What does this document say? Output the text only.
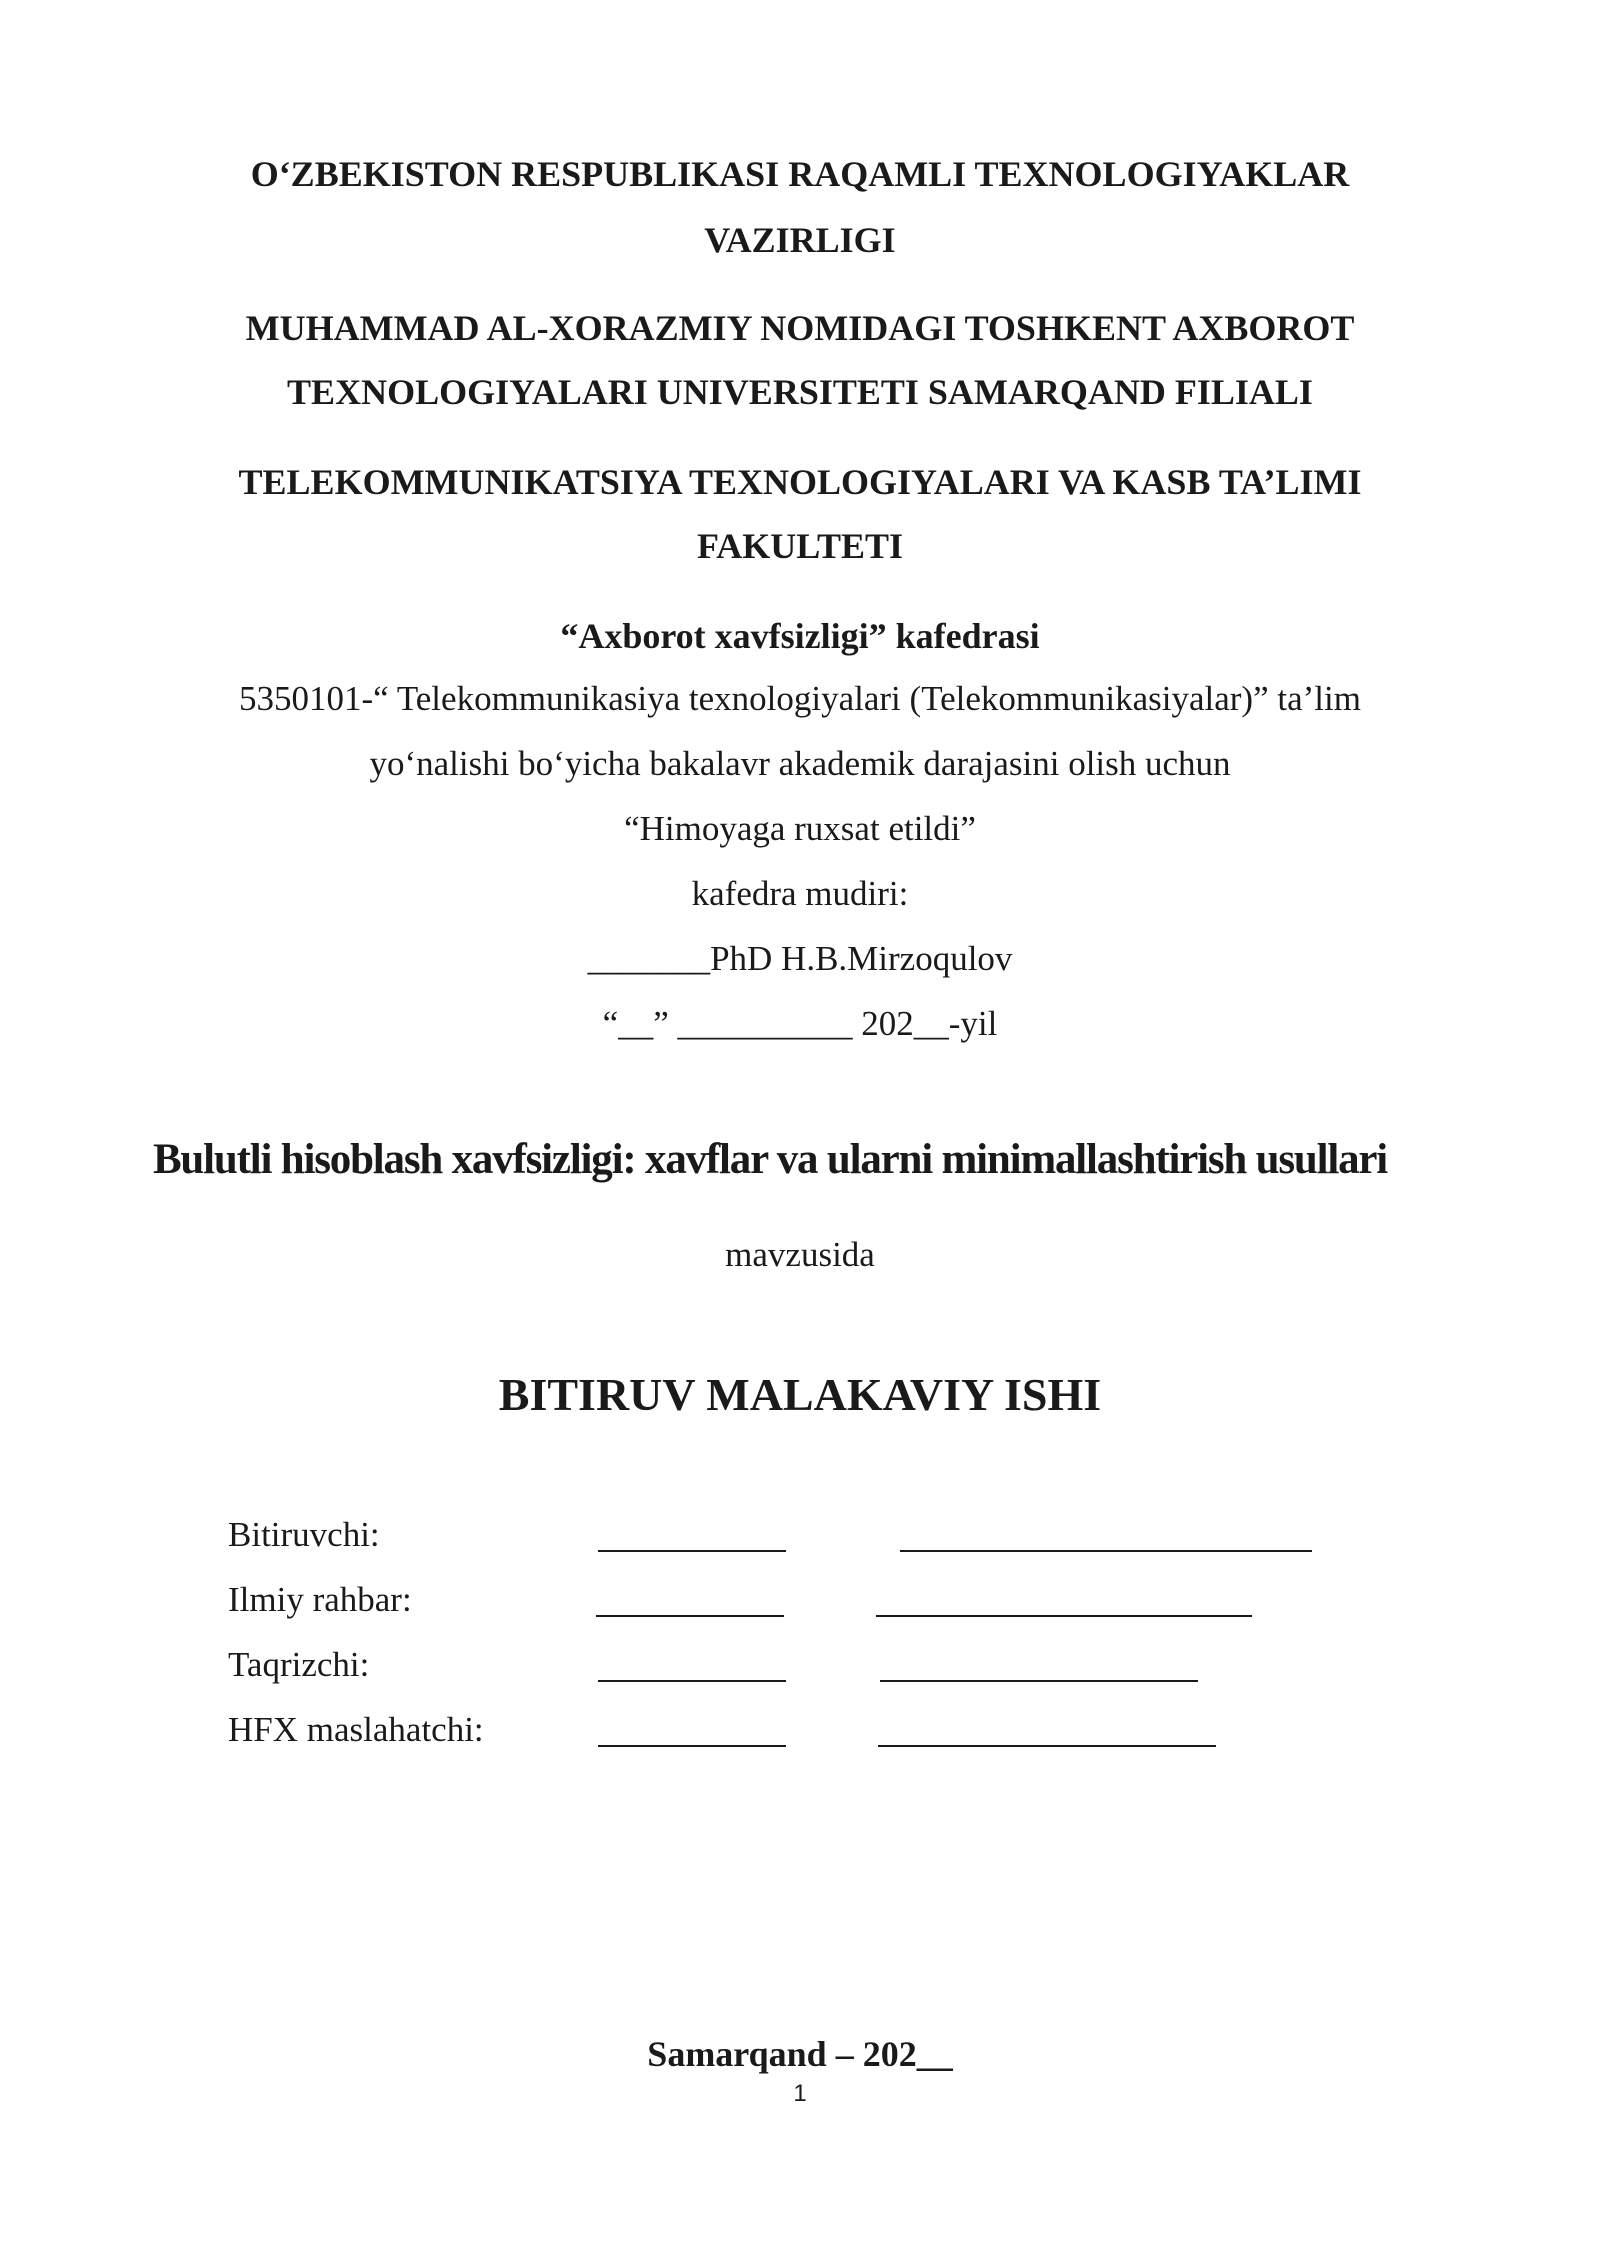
O‘ZBEKISTON RESPUBLIKASI RAQAMLI TEXNOLOGIYAKLAR
VAZIRLIGI
MUHAMMAD AL-XORAZMIY NOMIDAGI TOSHKENT AXBOROT
TEXNOLOGIYALARI UNIVERSITETI SAMARQAND FILIALI
TELEKOMMUNIKATSIYA TEXNOLOGIYALARI VA KASB TA’LIMI
FAKULTETI
“Axborot xavfsizligi” kafedrasi
5350101-“ Telekommunikasiya texnologiyalari (Telekommunikasiyalar)” ta’lim
yo‘nalishi bo‘yicha bakalavr akademik darajasini olish uchun
“Himoyaga ruxsat etildi”
kafedra mudiri:
_______PhD H.B.Mirzoqulov
“__” __________ 202__-yil
Bulutli hisoblash xavfsizligi: xavflar va ularni minimallashtirish usullari
mavzusida
BITIRUV MALAKAVIY ISHI
Bitiruvchi:
Ilmiy rahbar:
Taqrizchi:
HFX maslahatchi:
Samarqand – 202__
1
